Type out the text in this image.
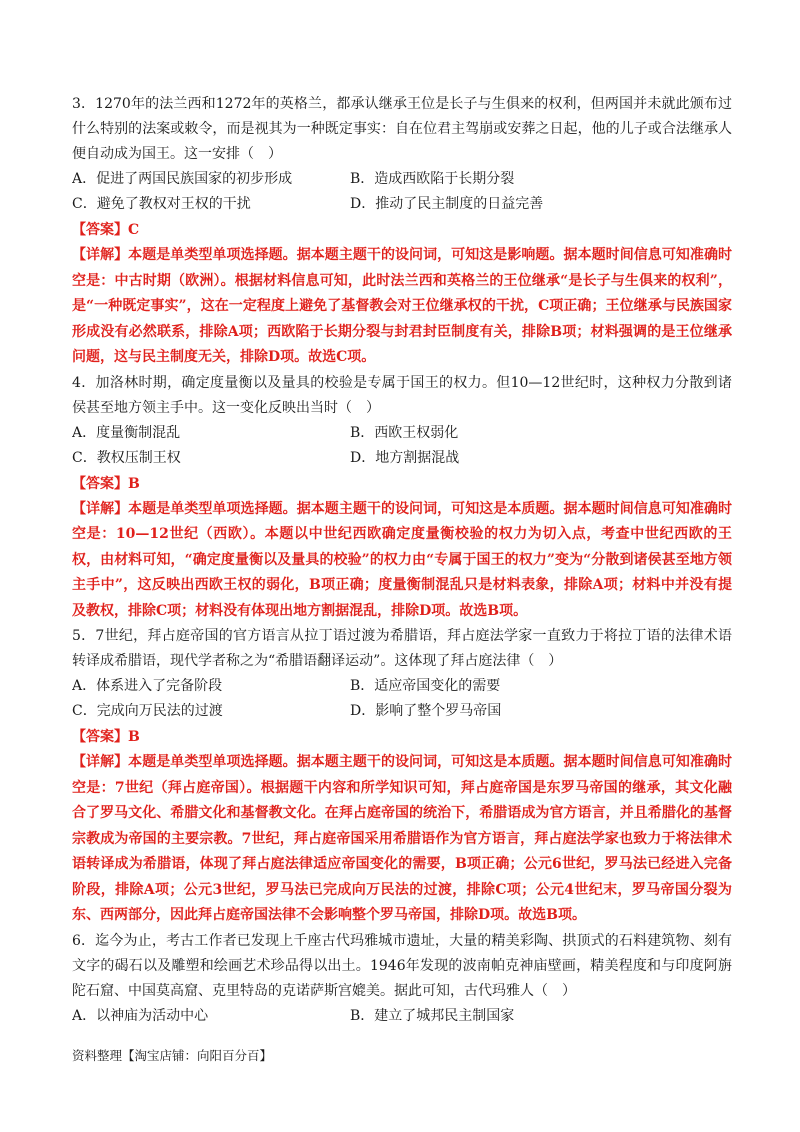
3．1270年的法兰西和1272年的英格兰，都承认继承王位是长子与生俱来的权利，但两国并未就此颁布过什么特别的法案或敕令，而是视其为一种既定事实：自在位君主驾崩或安葬之日起，他的儿子或合法继承人便自动成为国王。这一安排（　）

A．促进了两国民族国家的初步形成	B．造成西欧陷于长期分裂
C．避免了教权对王权的干扰	D．推动了民主制度的日益完善
【答案】C

【详解】本题是单类型单项选择题。据本题主题干的设问词，可知这是影响题。据本题时间信息可知准确时空是：中古时期（欧洲）。根据材料信息可知，此时法兰西和英格兰的王位继承“是长子与生俱来的权利”，是“一种既定事实”，这在一定程度上避免了基督教会对王位继承权的干扰，C项正确；王位继承与民族国家形成没有必然联系，排除A项；西欧陷于长期分裂与封君封臣制度有关，排除B项；材料强调的是王位继承问题，这与民主制度无关，排除D项。故选C项。

4．加洛林时期，确定度量衡以及量具的校验是专属于国王的权力。但10—12世纪时，这种权力分散到诸侯甚至地方领主手中。这一变化反映出当时（　）

A．度量衡制混乱	B．西欧王权弱化
C．教权压制王权	D．地方割据混战
【答案】B

【详解】本题是单类型单项选择题。据本题主题干的设问词，可知这是本质题。据本题时间信息可知准确时空是：10—12世纪（西欧）。本题以中世纪西欧确定度量衡校验的权力为切入点，考查中世纪西欧的王权，由材料可知，“确定度量衡以及量具的校验”的权力由“专属于国王的权力”变为“分散到诸侯甚至地方领主手中”，这反映出西欧王权的弱化，B项正确；度量衡制混乱只是材料表象，排除A项；材料中并没有提及教权，排除C项；材料没有体现出地方割据混乱，排除D项。故选B项。

5．7世纪，拜占庭帝国的官方语言从拉丁语过渡为希腊语，拜占庭法学家一直致力于将拉丁语的法律术语转译成希腊语，现代学者称之为“希腊语翻译运动”。这体现了拜占庭法律（　）

A．体系进入了完备阶段	B．适应帝国变化的需要
C．完成向万民法的过渡	D．影响了整个罗马帝国
【答案】B

【详解】本题是单类型单项选择题。据本题主题干的设问词，可知这是本质题。据本题时间信息可知准确时空是：7世纪（拜占庭帝国）。根据题干内容和所学知识可知，拜占庭帝国是东罗马帝国的继承，其文化融合了罗马文化、希腊文化和基督教文化。在拜占庭帝国的统治下，希腊语成为官方语言，并且希腊化的基督宗教成为帝国的主要宗教。7世纪，拜占庭帝国采用希腊语作为官方语言，拜占庭法学家也致力于将法律术语转译成为希腊语，体现了拜占庭法律适应帝国变化的需要，B项正确；公元6世纪，罗马法已经进入完备阶段，排除A项；公元3世纪，罗马法已完成向万民法的过渡，排除C项；公元4世纪末，罗马帝国分裂为东、西两部分，因此拜占庭帝国法律不会影响整个罗马帝国，排除D项。故选B项。

6．迄今为止，考古工作者已发现上千座古代玛雅城市遗址，大量的精美彩陶、拱顶式的石料建筑物、刻有文字的碣石以及雕塑和绘画艺术珍品得以出土。1946年发现的波南帕克神庙壁画，精美程度和与印度阿旃陀石窟、中国莫高窟、克里特岛的克诺萨斯宫媲美。据此可知，古代玛雅人（　）

A．以神庙为活动中心	B．建立了城邦民主制国家
资料整理【淘宝店铺：向阳百分百】
